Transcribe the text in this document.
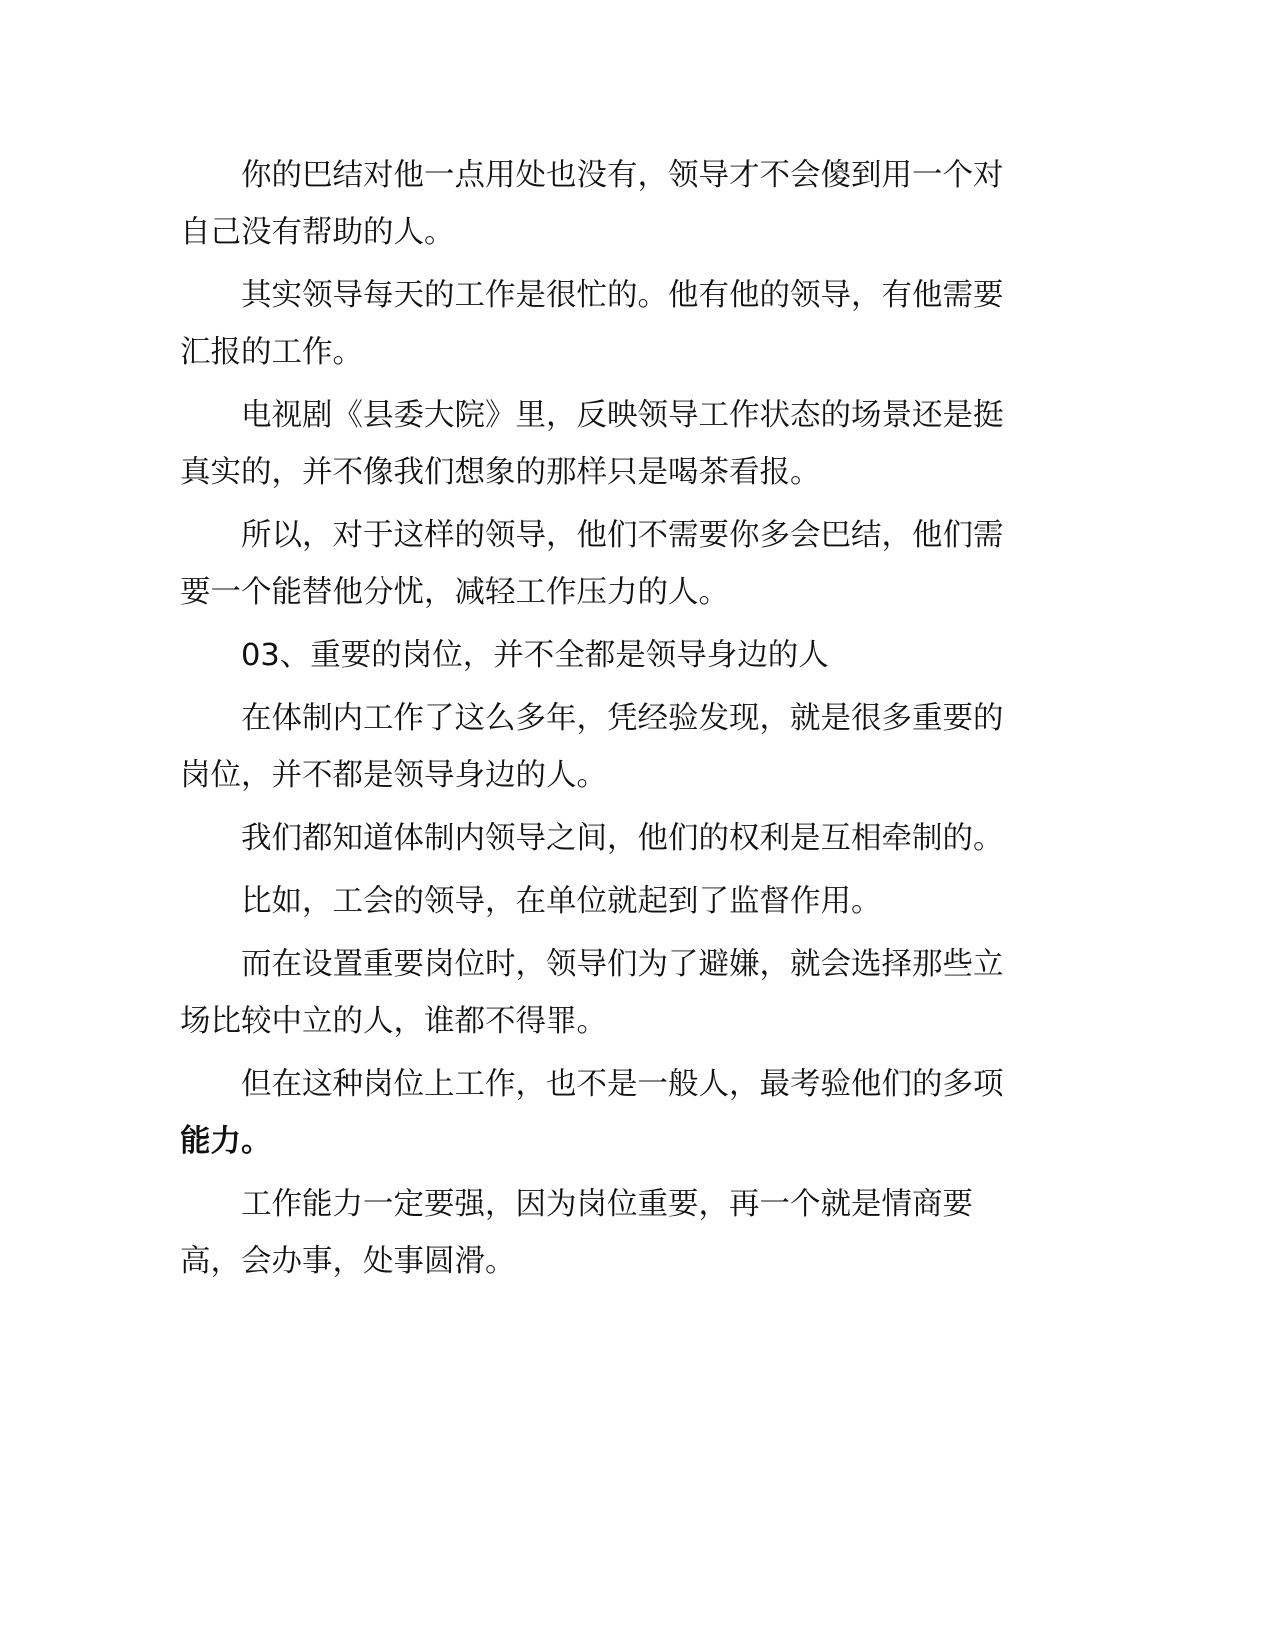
你的巴结对他一点用处也没有，领导才不会傻到用一个对
自己没有帮助的人。

其实领导每天的工作是很忙的。他有他的领导，有他需要
汇报的工作。

电视剧《县委大院》里，反映领导工作状态的场景还是挺
真实的，并不像我们想象的那样只是喝茶看报。

所以，对于这样的领导，他们不需要你多会巴结，他们需
要一个能替他分忧，减轻工作压力的人。

03、重要的岗位，并不全都是领导身边的人

在体制内工作了这么多年，凭经验发现，就是很多重要的
岗位，并不都是领导身边的人。

我们都知道体制内领导之间，他们的权利是互相牵制的。

比如，工会的领导，在单位就起到了监督作用。

而在设置重要岗位时，领导们为了避嫌，就会选择那些立
场比较中立的人，谁都不得罪。

但在这种岗位上工作，也不是一般人，最考验他们的多项
能力。

工作能力一定要强，因为岗位重要，再一个就是情商要
高，会办事，处事圆滑。
